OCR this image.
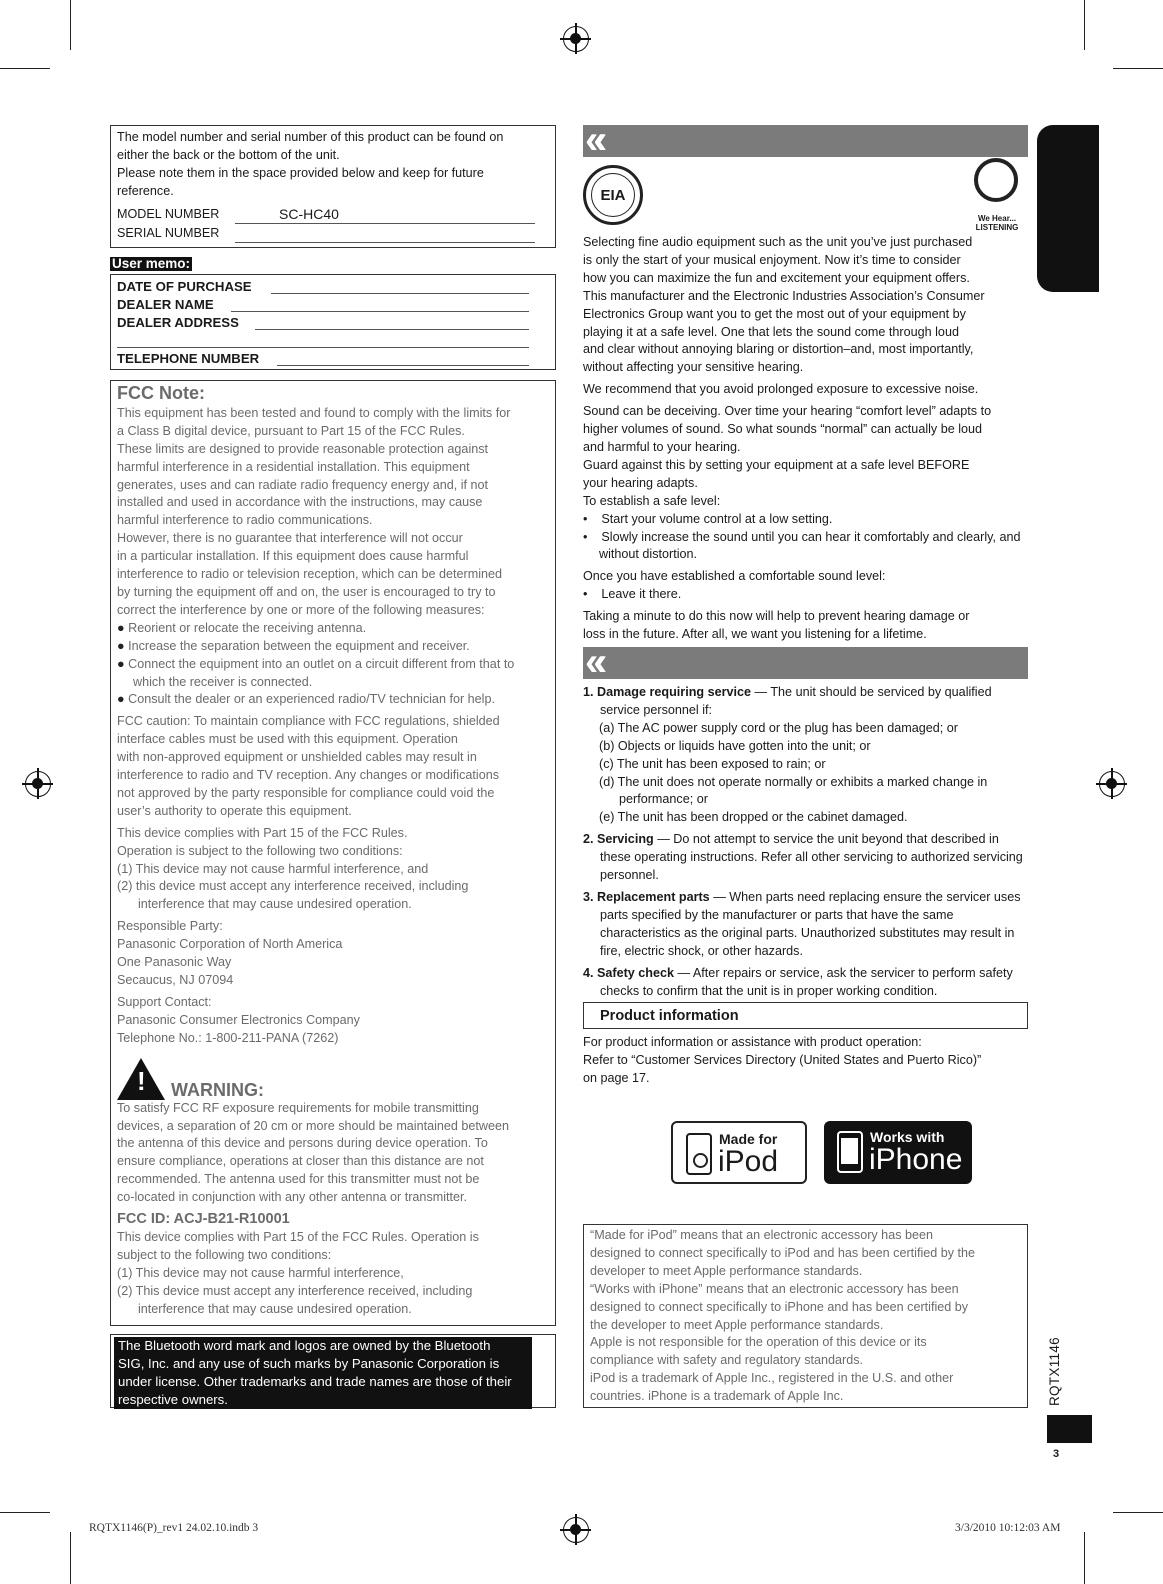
The model number and serial number of this product can be found on
either the back or the bottom of the unit.
Please note them in the space provided below and keep for future
reference.
MODEL NUMBER	SC-HC40
SERIAL NUMBER
User memo:
DATE OF PURCHASE
DEALER NAME
DEALER ADDRESS
TELEPHONE NUMBER
FCC Note:
This equipment has been tested and found to comply with the limits for
a Class B digital device, pursuant to Part 15 of the FCC Rules.
These limits are designed to provide reasonable protection against
harmful interference in a residential installation. This equipment
generates, uses and can radiate radio frequency energy and, if not
installed and used in accordance with the instructions, may cause
harmful interference to radio communications.
However, there is no guarantee that interference will not occur
in a particular installation. If this equipment does cause harmful
interference to radio or television reception, which can be determined
by turning the equipment off and on, the user is encouraged to try to
correct the interference by one or more of the following measures:
● Reorient or relocate the receiving antenna.
● Increase the separation between the equipment and receiver.
● Connect the equipment into an outlet on a circuit different from that to which the receiver is connected.
● Consult the dealer or an experienced radio/TV technician for help.
FCC caution: To maintain compliance with FCC regulations, shielded
interface cables must be used with this equipment. Operation
with non-approved equipment or unshielded cables may result in
interference to radio and TV reception. Any changes or modifications
not approved by the party responsible for compliance could void the
user’s authority to operate this equipment.
This device complies with Part 15 of the FCC Rules.
Operation is subject to the following two conditions:
(1) This device may not cause harmful interference, and
(2) this device must accept any interference received, including
interference that may cause undesired operation.
Responsible Party:
Panasonic Corporation of North America
One Panasonic Way
Secaucus, NJ 07094
Support Contact:
Panasonic Consumer Electronics Company
Telephone No.: 1-800-211-PANA (7262)
! WARNING:
To satisfy FCC RF exposure requirements for mobile transmitting
devices, a separation of 20 cm or more should be maintained between
the antenna of this device and persons during device operation. To
ensure compliance, operations at closer than this distance are not
recommended. The antenna used for this transmitter must not be
co-located in conjunction with any other antenna or transmitter.
FCC ID: ACJ-B21-R10001
This device complies with Part 15 of the FCC Rules. Operation is
subject to the following two conditions:
(1) This device may not cause harmful interference,
(2) This device must accept any interference received, including
interference that may cause undesired operation.
The Bluetooth word mark and logos are owned by the Bluetooth
SIG, Inc. and any use of such marks by Panasonic Corporation is
under license. Other trademarks and trade names are those of their
respective owners.
«‹
EIA
We Hear... LISTENING
Selecting fine audio equipment such as the unit you’ve just purchased
is only the start of your musical enjoyment. Now it’s time to consider
how you can maximize the fun and excitement your equipment offers.
This manufacturer and the Electronic Industries Association’s Consumer
Electronics Group want you to get the most out of your equipment by
playing it at a safe level. One that lets the sound come through loud
and clear without annoying blaring or distortion–and, most importantly,
without affecting your sensitive hearing.
We recommend that you avoid prolonged exposure to excessive noise.
Sound can be deceiving. Over time your hearing “comfort level” adapts to
higher volumes of sound. So what sounds “normal” can actually be loud
and harmful to your hearing.
Guard against this by setting your equipment at a safe level BEFORE
your hearing adapts.
To establish a safe level:
•    Start your volume control at a low setting.
•    Slowly increase the sound until you can hear it comfortably and clearly, and without distortion.
Once you have established a comfortable sound level:
•    Leave it there.
Taking a minute to do this now will help to prevent hearing damage or
loss in the future. After all, we want you listening for a lifetime.
«‹
1. Damage requiring service — The unit should be serviced by qualified service personnel if:
(a) The AC power supply cord or the plug has been damaged; or
(b) Objects or liquids have gotten into the unit; or
(c) The unit has been exposed to rain; or
(d) The unit does not operate normally or exhibits a marked change in performance; or
(e) The unit has been dropped or the cabinet damaged.
2. Servicing — Do not attempt to service the unit beyond that described in these operating instructions. Refer all other servicing to authorized servicing personnel.
3. Replacement parts — When parts need replacing ensure the servicer uses parts specified by the manufacturer or parts that have the same characteristics as the original parts. Unauthorized substitutes may result in fire, electric shock, or other hazards.
4. Safety check — After repairs or service, ask the servicer to perform safety checks to confirm that the unit is in proper working condition.
Product information
For product information or assistance with product operation:
Refer to “Customer Services Directory (United States and Puerto Rico)”
on page 17.
Made for
iPod
Works with
iPhone
“Made for iPod” means that an electronic accessory has been
designed to connect specifically to iPod and has been certified by the
developer to meet Apple performance standards.
“Works with iPhone” means that an electronic accessory has been
designed to connect specifically to iPhone and has been certified by
the developer to meet Apple performance standards.
Apple is not responsible for the operation of this device or its
compliance with safety and regulatory standards.
iPod is a trademark of Apple Inc., registered in the U.S. and other
countries. iPhone is a trademark of Apple Inc.	RQTX1146
3
RQTX1146(P)_rev1 24.02.10.indb 3	3/3/2010 10:12:03 AM
